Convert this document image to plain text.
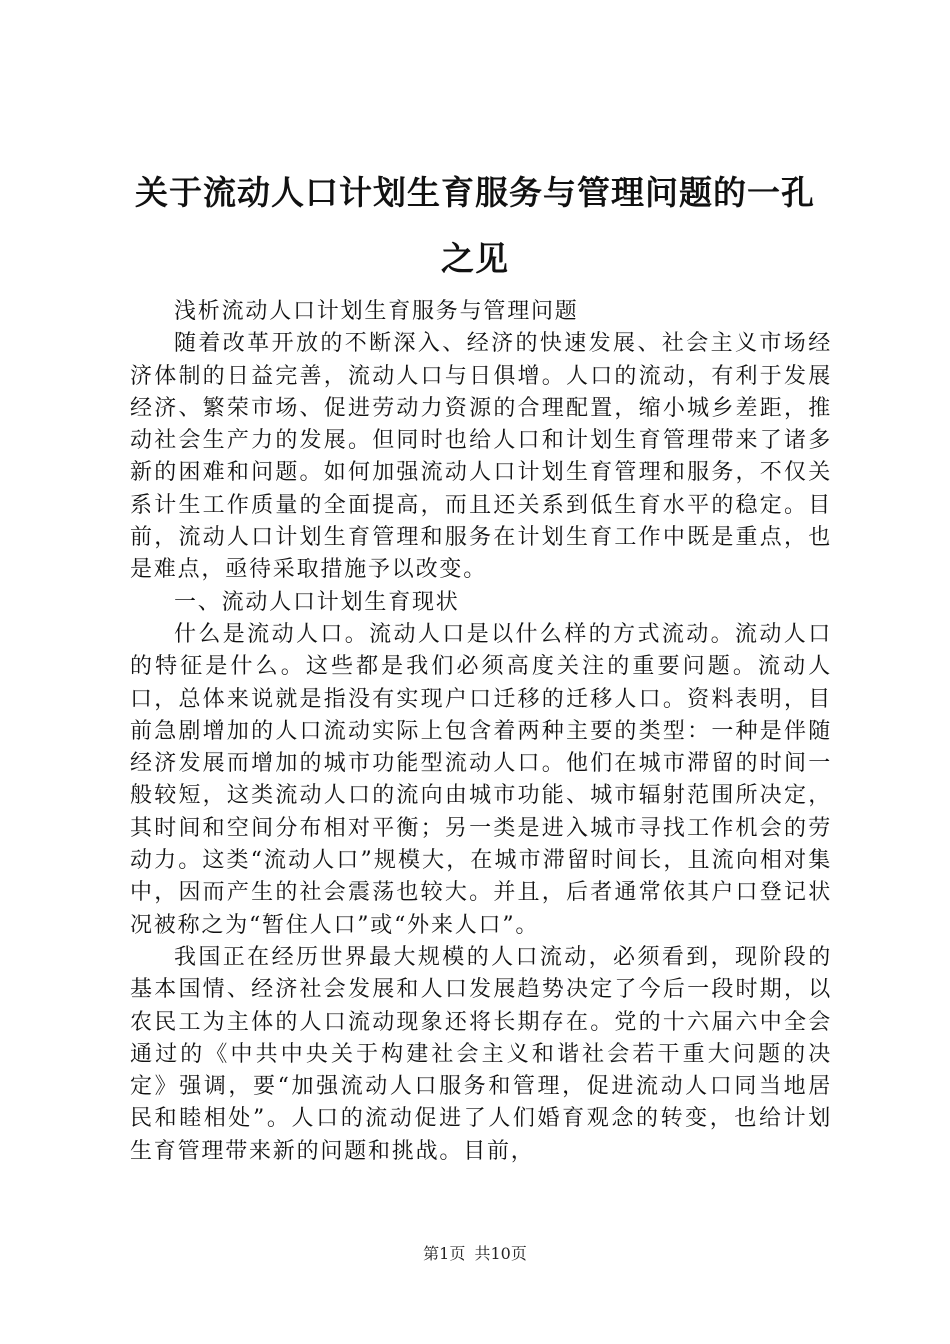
关于流动人口计划生育服务与管理问题的一孔之见

浅析流动人口计划生育服务与管理问题

随着改革开放的不断深入、经济的快速发展、社会主义市场经济体制的日益完善，流动人口与日俱增。人口的流动，有利于发展经济、繁荣市场、促进劳动力资源的合理配置，缩小城乡差距，推动社会生产力的发展。但同时也给人口和计划生育管理带来了诸多新的困难和问题。如何加强流动人口计划生育管理和服务，不仅关系计生工作质量的全面提高，而且还关系到低生育水平的稳定。目前，流动人口计划生育管理和服务在计划生育工作中既是重点，也是难点，亟待采取措施予以改变。

一、流动人口计划生育现状

什么是流动人口。流动人口是以什么样的方式流动。流动人口的特征是什么。这些都是我们必须高度关注的重要问题。流动人口，总体来说就是指没有实现户口迁移的迁移人口。资料表明，目前急剧增加的人口流动实际上包含着两种主要的类型：一种是伴随经济发展而增加的城市功能型流动人口。他们在城市滞留的时间一般较短，这类流动人口的流向由城市功能、城市辐射范围所决定，其时间和空间分布相对平衡；另一类是进入城市寻找工作机会的劳动力。这类“流动人口”规模大，在城市滞留时间长，且流向相对集中，因而产生的社会震荡也较大。并且，后者通常依其户口登记状况被称之为“暂住人口”或“外来人口”。

我国正在经历世界最大规模的人口流动，必须看到，现阶段的基本国情、经济社会发展和人口发展趋势决定了今后一段时期，以农民工为主体的人口流动现象还将长期存在。党的十六届六中全会通过的《中共中央关于构建社会主义和谐社会若干重大问题的决定》强调，要“加强流动人口服务和管理，促进流动人口同当地居民和睦相处”。人口的流动促进了人们婚育观念的转变，也给计划生育管理带来新的问题和挑战。目前，

第1页 共10页
